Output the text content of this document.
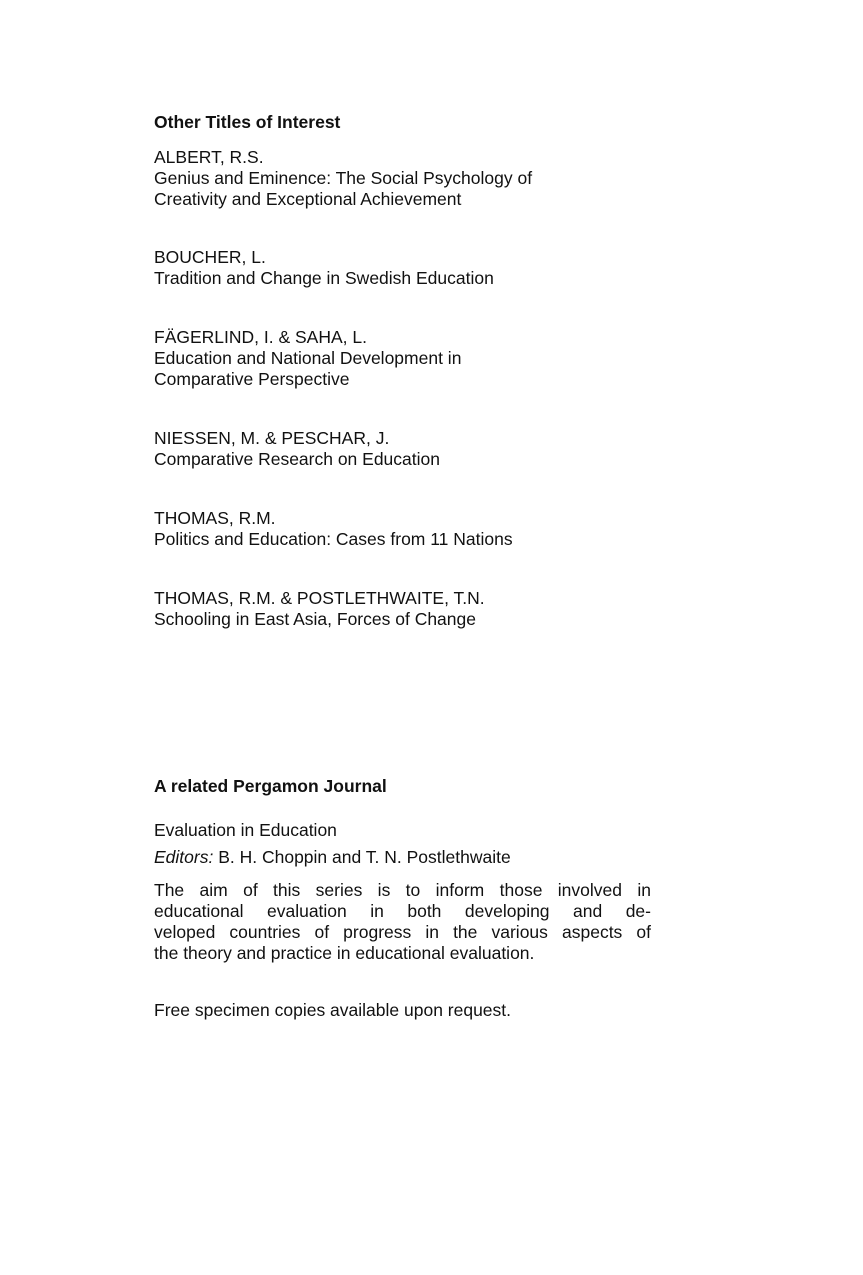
Other Titles of Interest
ALBERT, R.S.
Genius and Eminence: The Social Psychology of
Creativity and Exceptional Achievement
BOUCHER, L.
Tradition and Change in Swedish Education
FÄGERLIND, I. & SAHA, L.
Education and National Development in
Comparative Perspective
NIESSEN, M. & PESCHAR, J.
Comparative Research on Education
THOMAS, R.M.
Politics and Education: Cases from 11 Nations
THOMAS, R.M. & POSTLETHWAITE, T.N.
Schooling in East Asia, Forces of Change
A related Pergamon Journal
Evaluation in Education
Editors: B. H. Choppin and T. N. Postlethwaite
The aim of this series is to inform those involved in
educational evaluation in both developing and de-
veloped countries of progress in the various aspects of
the theory and practice in educational evaluation.
Free specimen copies available upon request.
